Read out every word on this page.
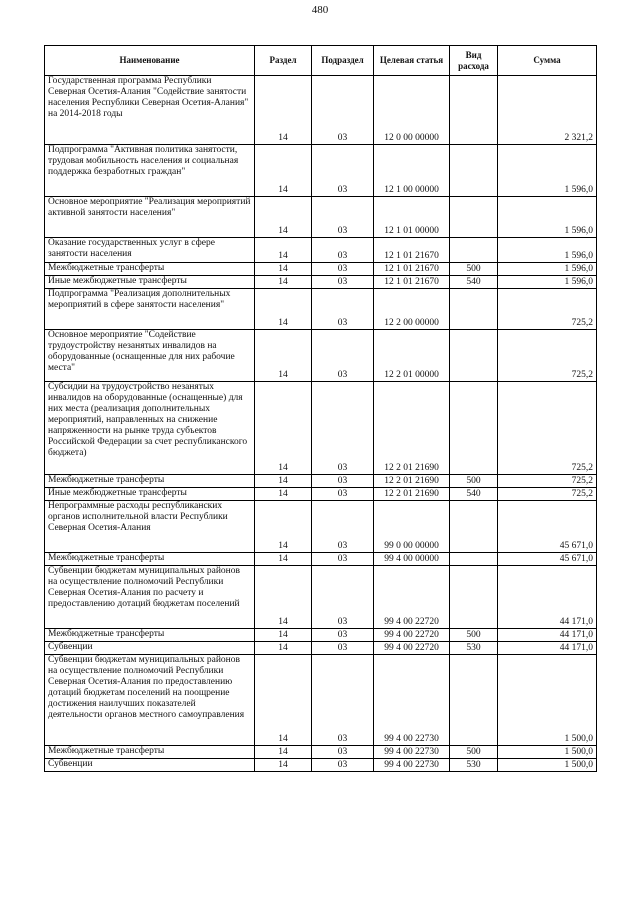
480
Наименование	Раздел	Подраздел	Целевая статья	Вид расхода	Сумма
Государственная программа Республики Северная Осетия-Алания "Содействие занятости населения Республики Северная Осетия-Алания" на 2014-2018 годы	14	03	12 0 00 00000		2 321,2
Подпрограмма "Активная политика занятости, трудовая мобильность населения и социальная поддержка безработных граждан"	14	03	12 1 00 00000		1 596,0
Основное мероприятие "Реализация мероприятий активной занятости населения"	14	03	12 1 01 00000		1 596,0
Оказание государственных услуг в сфере занятости населения	14	03	12 1 01 21670		1 596,0
Межбюджетные трансферты	14	03	12 1 01 21670	500	1 596,0
Иные межбюджетные трансферты	14	03	12 1 01 21670	540	1 596,0
Подпрограмма "Реализация дополнительных мероприятий в сфере занятости населения"	14	03	12 2 00 00000		725,2
Основное мероприятие "Содействие трудоустройству незанятых инвалидов на оборудованные (оснащенные для них рабочие места"	14	03	12 2 01 00000		725,2
Субсидии на трудоустройство незанятых инвалидов на оборудованные (оснащенные) для них места (реализация дополнительных мероприятий, направленных на снижение напряженности на рынке труда субъектов Российской Федерации за счет республиканского бюджета)	14	03	12 2 01 21690		725,2
Межбюджетные трансферты	14	03	12 2 01 21690	500	725,2
Иные межбюджетные трансферты	14	03	12 2 01 21690	540	725,2
Непрограммные расходы республиканских органов исполнительной власти Республики Северная Осетия-Алания	14	03	99 0 00 00000		45 671,0
Межбюджетные трансферты	14	03	99 4 00 00000		45 671,0
Субвенции бюджетам муниципальных районов на осуществление полномочий Республики Северная Осетия-Алания по расчету и предоставлению дотаций бюджетам поселений	14	03	99 4 00 22720		44 171,0
Межбюджетные трансферты	14	03	99 4 00 22720	500	44 171,0
Субвенции	14	03	99 4 00 22720	530	44 171,0
Субвенции бюджетам муниципальных районов на осуществление полномочий Республики Северная Осетия-Алания по предоставлению дотаций бюджетам поселений на поощрение достижения наилучших показателей деятельности органов местного самоуправления	14	03	99 4 00 22730		1 500,0
Межбюджетные трансферты	14	03	99 4 00 22730	500	1 500,0
Субвенции	14	03	99 4 00 22730	530	1 500,0
